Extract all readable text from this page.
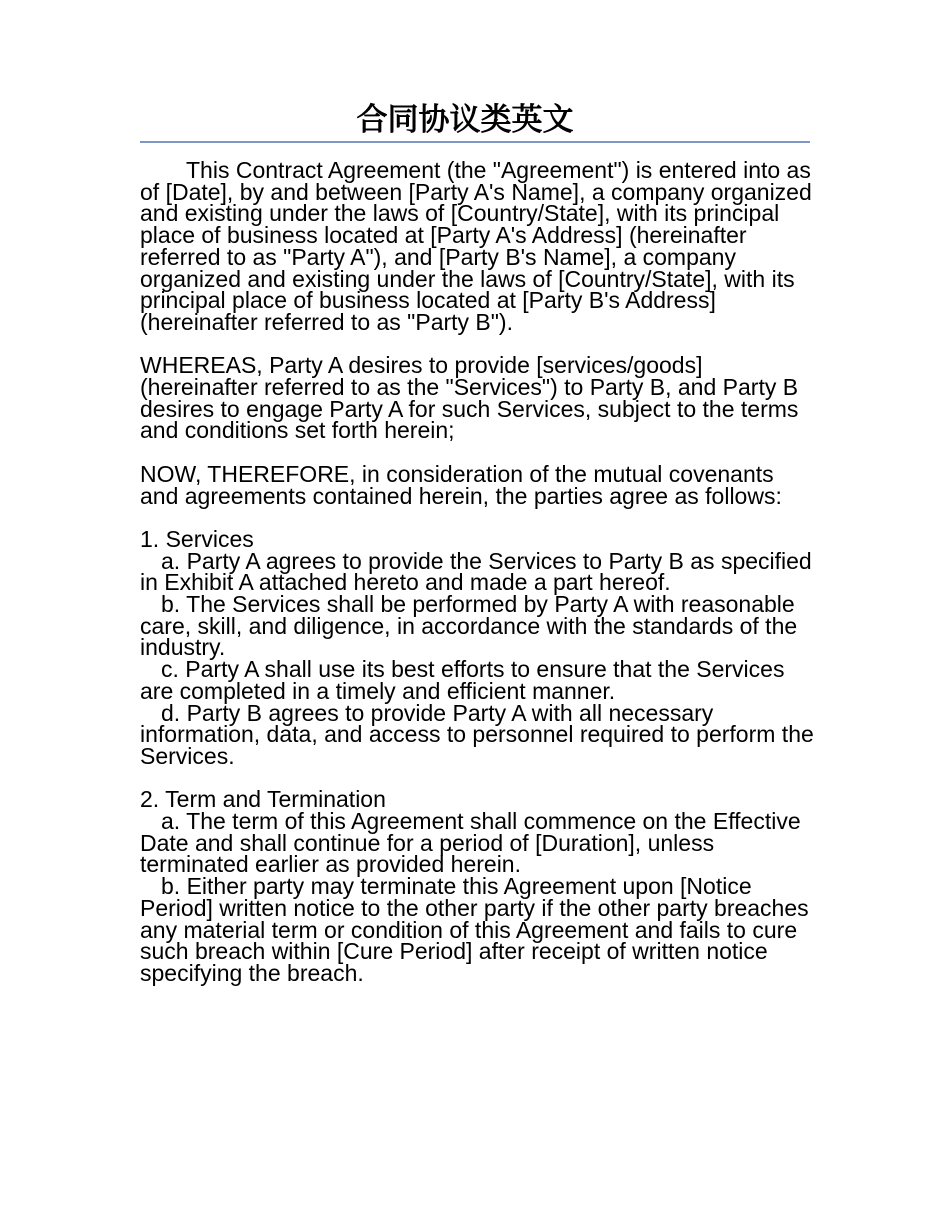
合同协议类英文

This Contract Agreement (the "Agreement") is entered into as of [Date], by and between [Party A's Name], a company organized and existing under the laws of [Country/State], with its principal place of business located at [Party A's Address] (hereinafter referred to as "Party A"), and [Party B's Name], a company organized and existing under the laws of [Country/State], with its principal place of business located at [Party B's Address] (hereinafter referred to as "Party B").

WHEREAS, Party A desires to provide [services/goods] (hereinafter referred to as the "Services") to Party B, and Party B desires to engage Party A for such Services, subject to the terms and conditions set forth herein;

NOW, THEREFORE, in consideration of the mutual covenants and agreements contained herein, the parties agree as follows:

1. Services

a. Party A agrees to provide the Services to Party B as specified in Exhibit A attached hereto and made a part hereof.

b. The Services shall be performed by Party A with reasonable care, skill, and diligence, in accordance with the standards of the industry.

c. Party A shall use its best efforts to ensure that the Services are completed in a timely and efficient manner.

d. Party B agrees to provide Party A with all necessary information, data, and access to personnel required to perform the Services.

2. Term and Termination

a. The term of this Agreement shall commence on the Effective Date and shall continue for a period of [Duration], unless terminated earlier as provided herein.

b. Either party may terminate this Agreement upon [Notice Period] written notice to the other party if the other party breaches any material term or condition of this Agreement and fails to cure such breach within [Cure Period] after receipt of written notice specifying the breach.
